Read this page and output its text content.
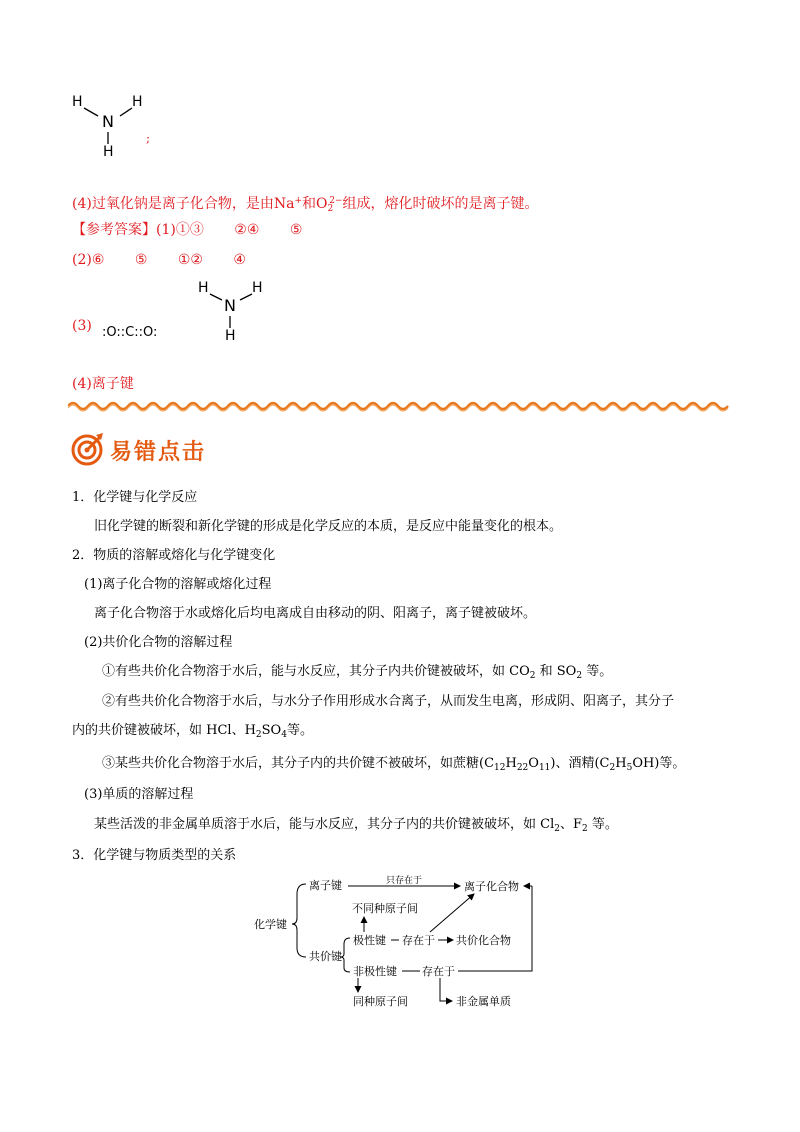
H	H
N
H
;
(4)过氧化钠是离子化合物，是由Na+和$O_2^{2-}$组成，熔化时破坏的是离子键。
【参考答案】(1)①③ ②④ ⑤
(2)⑥ ⑤ ①② ④
(3) :O::C::O:
H	H
N
H
(4)离子键
易错点击
1．化学键与化学反应
旧化学键的断裂和新化学键的形成是化学反应的本质，是反应中能量变化的根本。
2．物质的溶解或熔化与化学键变化
(1)离子化合物的溶解或熔化过程
离子化合物溶于水或熔化后均电离成自由移动的阴、阳离子，离子键被破坏。
(2)共价化合物的溶解过程
①有些共价化合物溶于水后，能与水反应，其分子内共价键被破坏，如 $CO_2$ 和 $SO_2$ 等。
②有些共价化合物溶于水后，与水分子作用形成水合离子，从而发生电离，形成阴、阳离子，其分子
内的共价键被破坏，如 HCl、$H_2SO_4$等。
③某些共价化合物溶于水后，其分子内的共价键不被破坏，如蔗糖$(C_{12}H_{22}O_{11})$、酒精$(C_2H_5OH)$等。
(3)单质的溶解过程
某些活泼的非金属单质溶于水后，能与水反应，其分子内的共价键被破坏，如 $Cl_2$、$F_2$ 等。
3．化学键与物质类型的关系
化学键
离子键	只存在于	离子化合物
不同种原子间
共价键
极性键 存在于 共价化合物
非极性键 存在于
同种原子间	非金属单质
